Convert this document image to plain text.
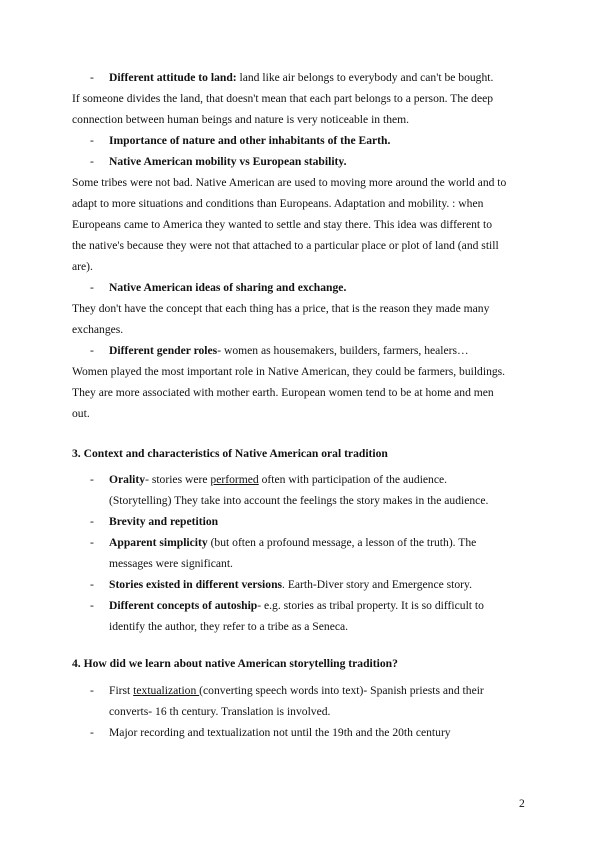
- Different attitude to land: land like air belongs to everybody and can't be bought.
If someone divides the land, that doesn't mean that each part belongs to a person. The deep
connection between human beings and nature is very noticeable in them.
- Importance of nature and other inhabitants of the Earth.
- Native American mobility vs European stability.
Some tribes were not bad. Native American are used to moving more around the world and to
adapt to more situations and conditions than Europeans. Adaptation and mobility. : when
Europeans came to America they wanted to settle and stay there. This idea was different to
the native's because they were not that attached to a particular place or plot of land (and still
are).
- Native American ideas of sharing and exchange.
They don't have the concept that each thing has a price, that is the reason they made many
exchanges.
- Different gender roles- women as housemakers, builders, farmers, healers…
Women played the most important role in Native American, they could be farmers, buildings.
They are more associated with mother earth. European women tend to be at home and men
out.
3. Context and characteristics of Native American oral tradition
- Orality- stories were performed often with participation of the audience.
(Storytelling) They take into account the feelings the story makes in the audience.
- Brevity and repetition
- Apparent simplicity (but often a profound message, a lesson of the truth). The
messages were significant.
- Stories existed in different versions. Earth-Diver story and Emergence story.
- Different concepts of autoship- e.g. stories as tribal property. It is so difficult to
identify the author, they refer to a tribe as a Seneca.
4. How did we learn about native American storytelling tradition?
- First textualization (converting speech words into text)- Spanish priests and their
converts- 16 th century. Translation is involved.
- Major recording and textualization not until the 19th and the 20th century
2
